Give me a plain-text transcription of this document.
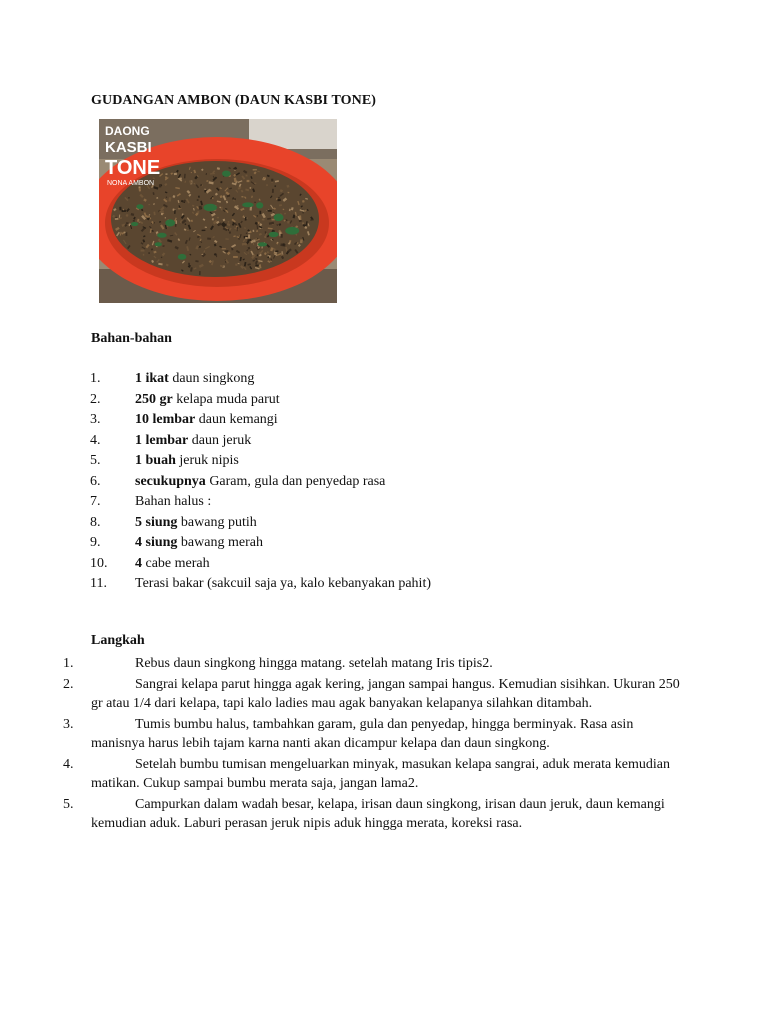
GUDANGAN AMBON (DAUN KASBI TONE)
DAONG
KASBI
TONE
NONA AMBON
Bahan-bahan
1.	1 ikat daun singkong
2.	250 gr kelapa muda parut
3.	10 lembar daun kemangi
4.	1 lembar daun jeruk
5.	1 buah jeruk nipis
6.	secukupnya Garam, gula dan penyedap rasa
7.	Bahan halus :
8.	5 siung bawang putih
9.	4 siung bawang merah
10.	4 cabe merah
11.	Terasi bakar (sakcuil saja ya, kalo kebanyakan pahit)
Langkah
1.	Rebus daun singkong hingga matang. setelah matang Iris tipis2.
2.	Sangrai kelapa parut hingga agak kering, jangan sampai hangus. Kemudian sisihkan. Ukuran 250 gr atau 1/4 dari kelapa, tapi kalo ladies mau agak banyakan kelapanya silahkan ditambah.
3.	Tumis bumbu halus, tambahkan garam, gula dan penyedap, hingga berminyak. Rasa asin manisnya harus lebih tajam karna nanti akan dicampur kelapa dan daun singkong.
4.	Setelah bumbu tumisan mengeluarkan minyak, masukan kelapa sangrai, aduk merata kemudian matikan. Cukup sampai bumbu merata saja, jangan lama2.
5.	Campurkan dalam wadah besar, kelapa, irisan daun singkong, irisan daun jeruk, daun kemangi kemudian aduk. Laburi perasan jeruk nipis aduk hingga merata, koreksi rasa.
